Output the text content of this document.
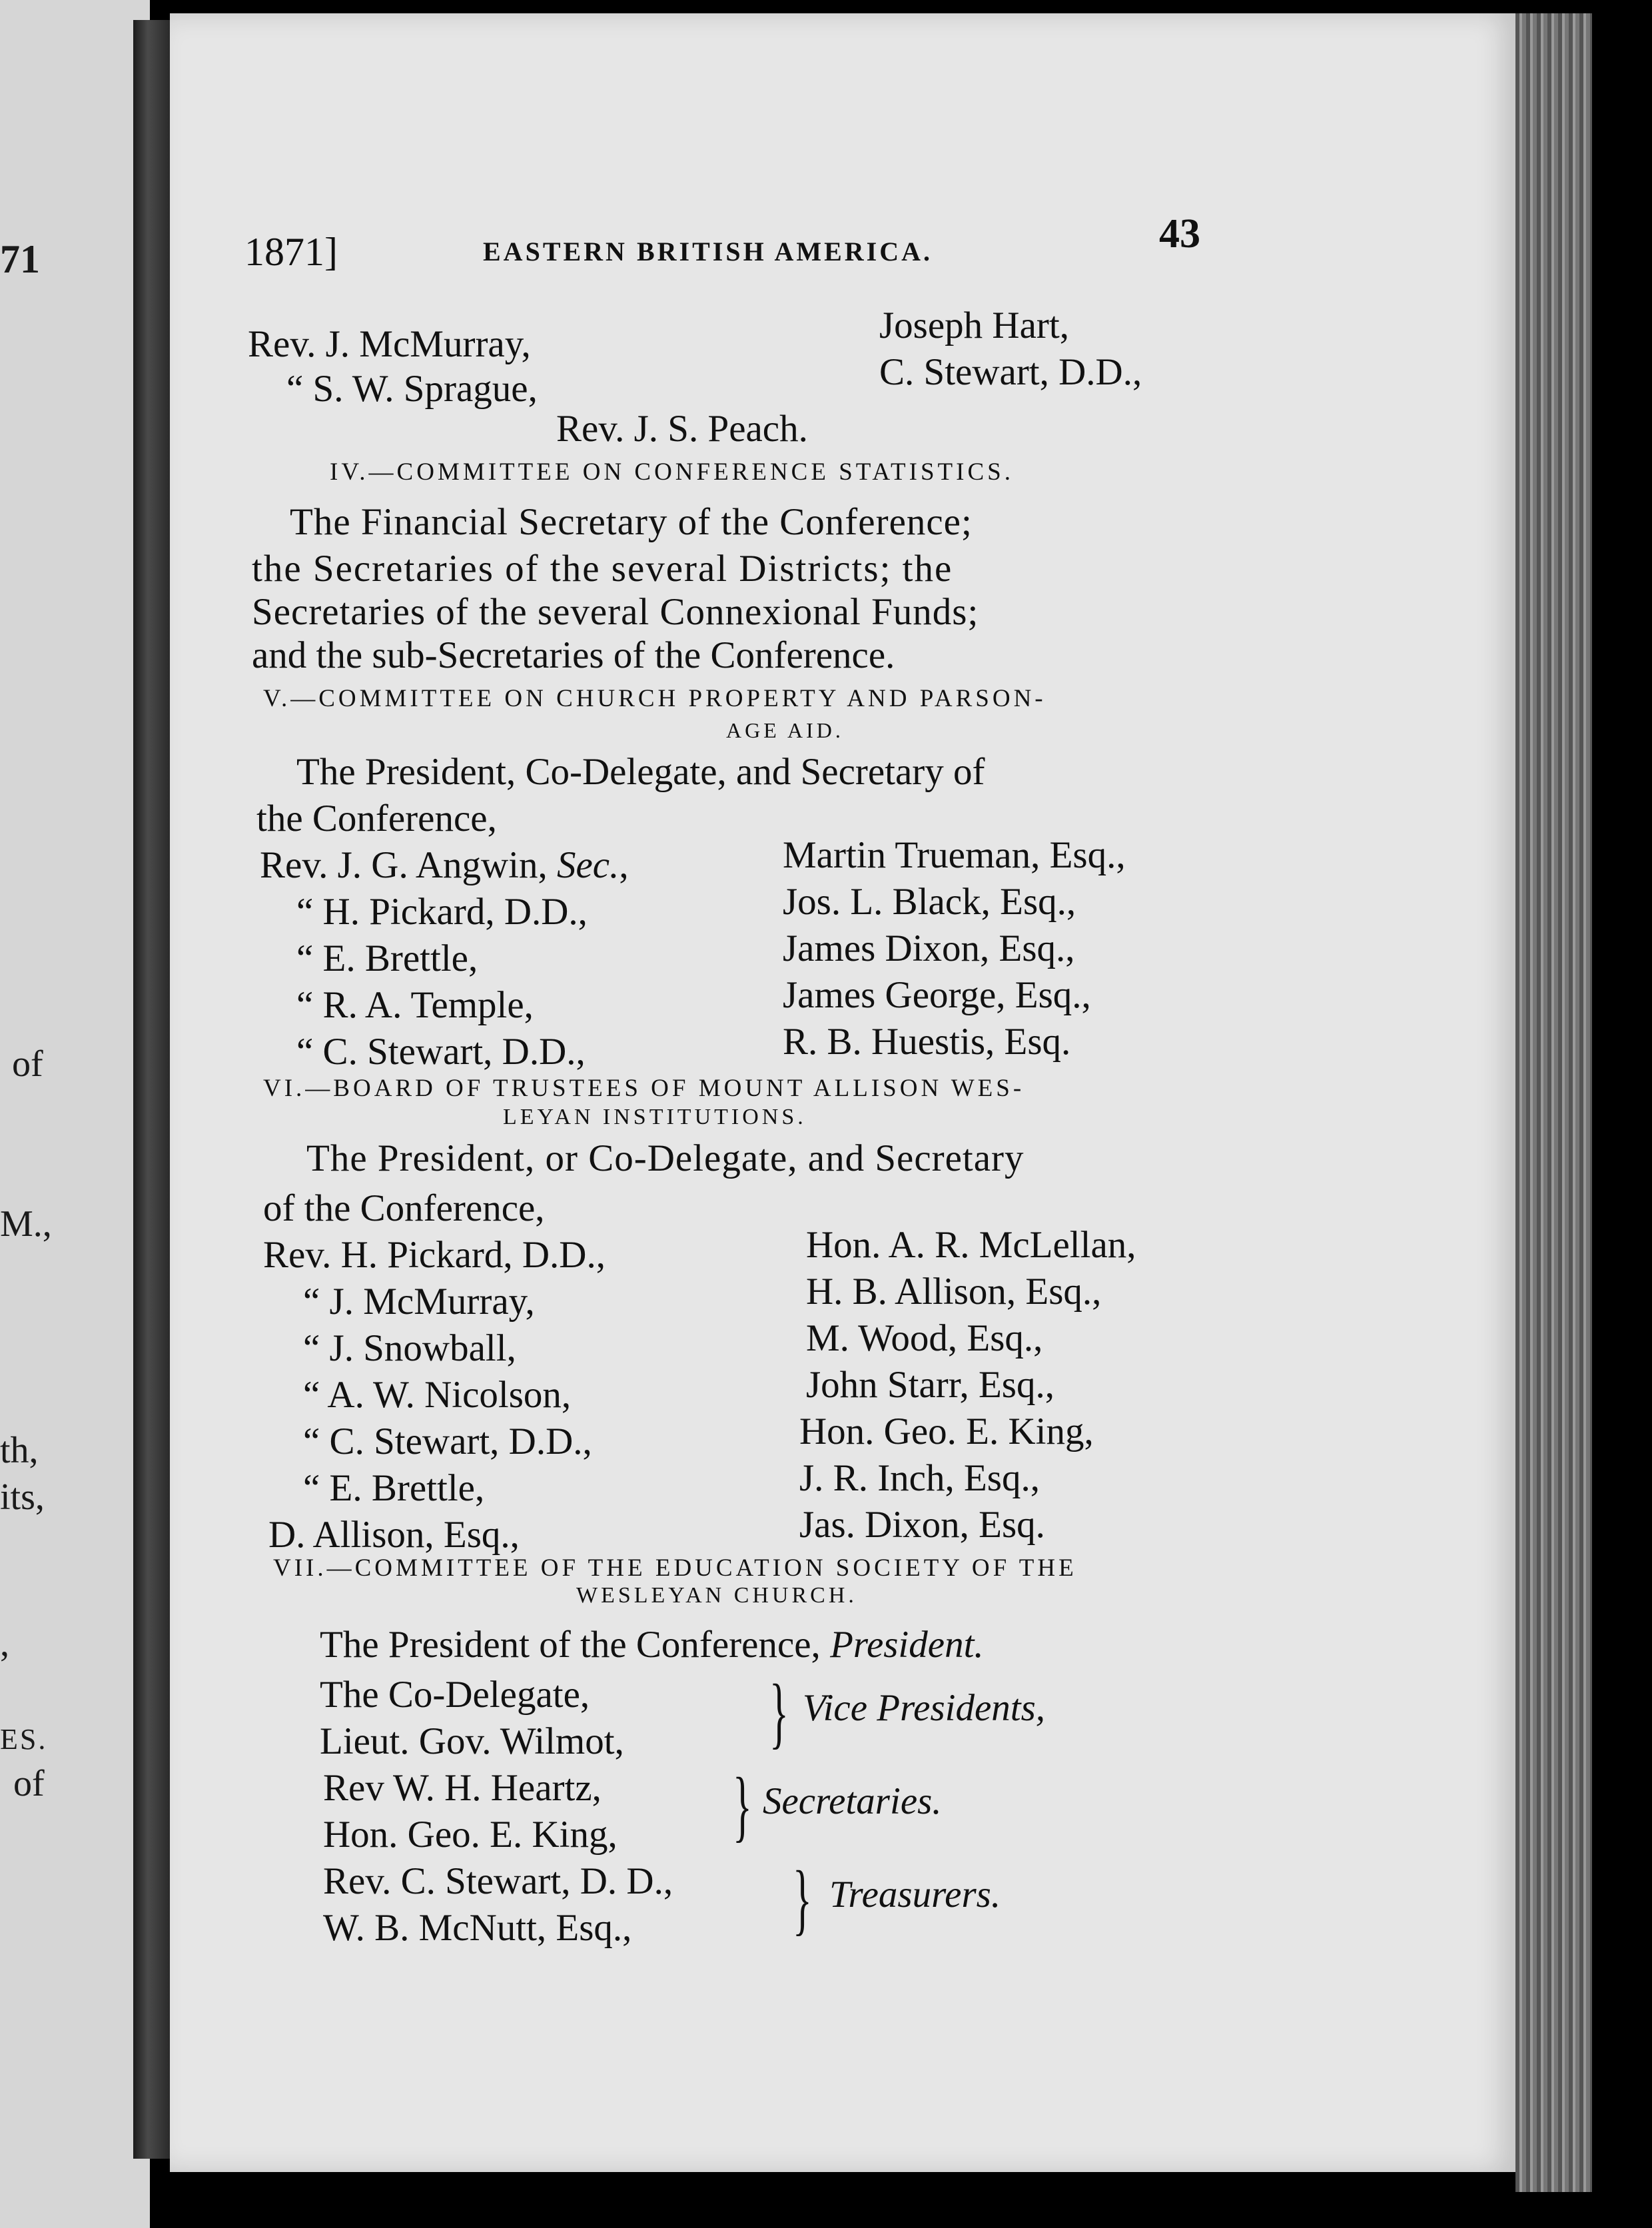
71
of
M.,
th,
its,
,
ES.
of
1871]	EASTERN BRITISH AMERICA.	43
Rev. J. McMurray,
“ S. W. Sprague,
Joseph Hart,
C. Stewart, D.D.,
Rev. J. S. Peach.
IV.—COMMITTEE ON CONFERENCE STATISTICS.
The Financial Secretary of the Conference;
the Secretaries of the several Districts; the
Secretaries of the several Connexional Funds;
and the sub-Secretaries of the Conference.
V.—COMMITTEE ON CHURCH PROPERTY AND PARSON-
AGE AID.
The President, Co-Delegate, and Secretary of
the Conference,
Rev. J. G. Angwin, Sec.,
“ H. Pickard, D.D.,
“ E. Brettle,
“ R. A. Temple,
“ C. Stewart, D.D.,
Martin Trueman, Esq.,
Jos. L. Black, Esq.,
James Dixon, Esq.,
James George, Esq.,
R. B. Huestis, Esq.
VI.—BOARD OF TRUSTEES OF MOUNT ALLISON WES-
LEYAN INSTITUTIONS.
The President, or Co-Delegate, and Secretary
of the Conference,
Rev. H. Pickard, D.D.,
“ J. McMurray,
“ J. Snowball,
“ A. W. Nicolson,
“ C. Stewart, D.D.,
“ E. Brettle,
D. Allison, Esq.,
Hon. A. R. McLellan,
H. B. Allison, Esq.,
M. Wood, Esq.,
John Starr, Esq.,
Hon. Geo. E. King,
J. R. Inch, Esq.,
Jas. Dixon, Esq.
VII.—COMMITTEE OF THE EDUCATION SOCIETY OF THE
WESLEYAN CHURCH.
The President of the Conference, President.
The Co-Delegate,
Lieut. Gov. Wilmot, } Vice Presidents,
Rev W. H. Heartz,
Hon. Geo. E. King, } Secretaries.
Rev. C. Stewart, D. D.,
W. B. McNutt, Esq., } Treasurers.
